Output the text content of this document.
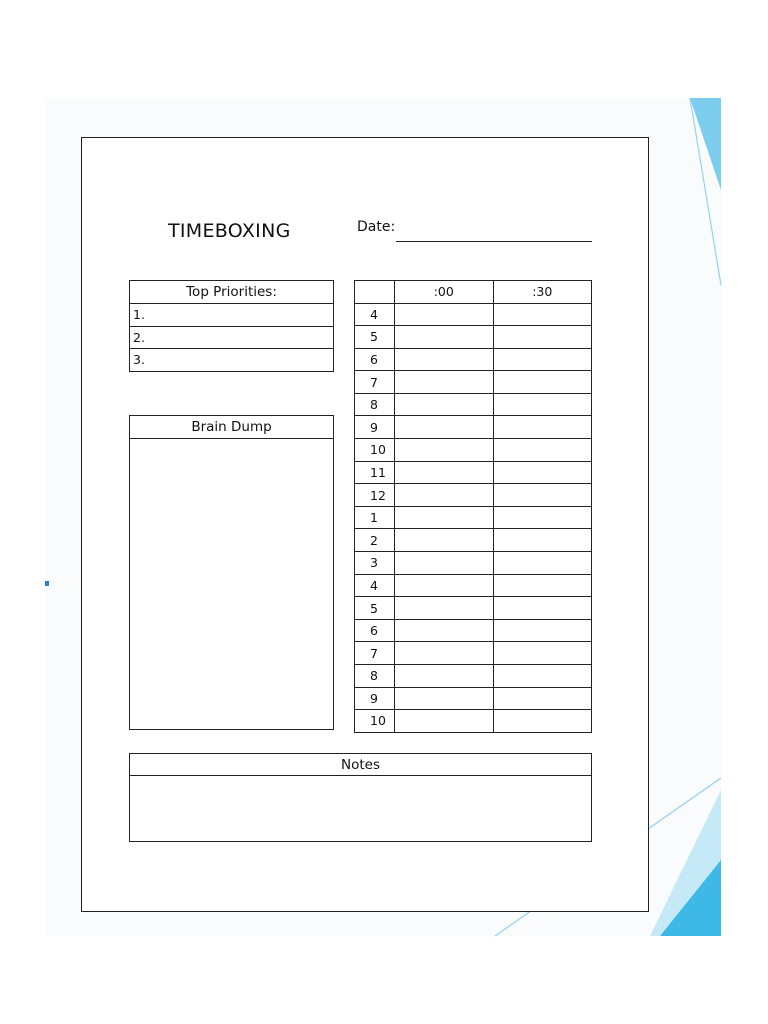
TIMEBOXING	Date:
Top Priorities:
1.
2.
3.
Brain Dump

	:00	:30
4		
5		
6		
7		
8		
9		
10		
11		
12		
1		
2		
3		
4		
5		
6		
7		
8		
9		
10		
Notes
